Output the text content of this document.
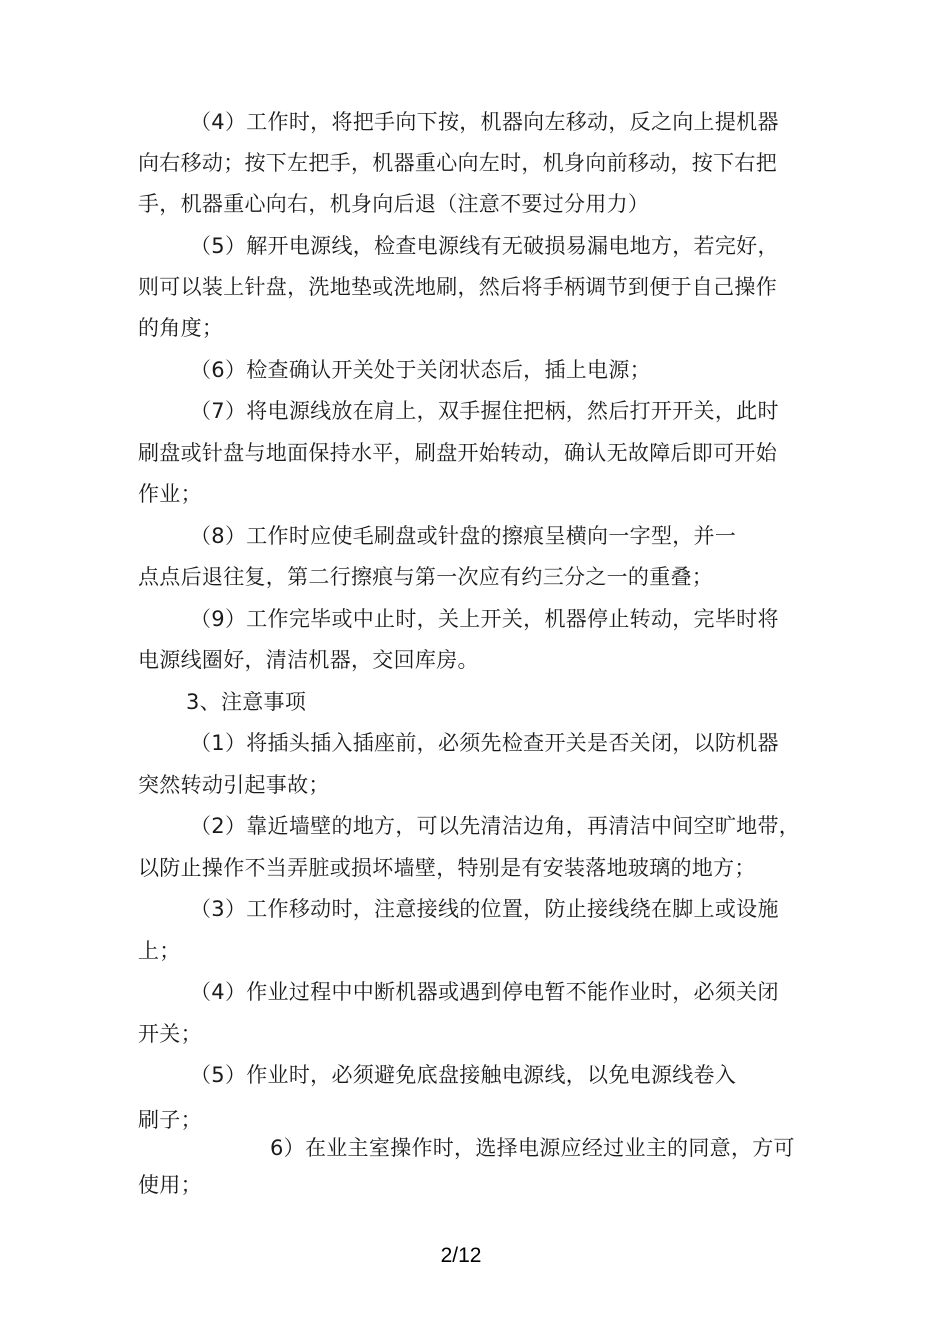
（4）工作时，将把手向下按，机器向左移动，反之向上提机器
向右移动；按下左把手，机器重心向左时，机身向前移动，按下右把
手，机器重心向右，机身向后退（注意不要过分用力）
（5）解开电源线，检查电源线有无破损易漏电地方，若完好，
则可以装上针盘，洗地垫或洗地刷，然后将手柄调节到便于自己操作
的角度；
（6）检查确认开关处于关闭状态后，插上电源；
（7）将电源线放在肩上，双手握住把柄，然后打开开关，此时
刷盘或针盘与地面保持水平，刷盘开始转动，确认无故障后即可开始
作业；
（8）工作时应使毛刷盘或针盘的擦痕呈横向一字型，并一
点点后退往复，第二行擦痕与第一次应有约三分之一的重叠；
（9）工作完毕或中止时，关上开关，机器停止转动，完毕时将
电源线圈好，清洁机器，交回库房。
3、注意事项
（1）将插头插入插座前，必须先检查开关是否关闭，以防机器
突然转动引起事故；
（2）靠近墙壁的地方，可以先清洁边角，再清洁中间空旷地带，
以防止操作不当弄脏或损坏墙壁，特别是有安装落地玻璃的地方；
（3）工作移动时，注意接线的位置，防止接线绕在脚上或设施
上；
（4）作业过程中中断机器或遇到停电暂不能作业时，必须关闭
开关；
（5）作业时，必须避免底盘接触电源线，以免电源线卷入
刷子；
6）在业主室操作时，选择电源应经过业主的同意，方可
使用；
2/12
